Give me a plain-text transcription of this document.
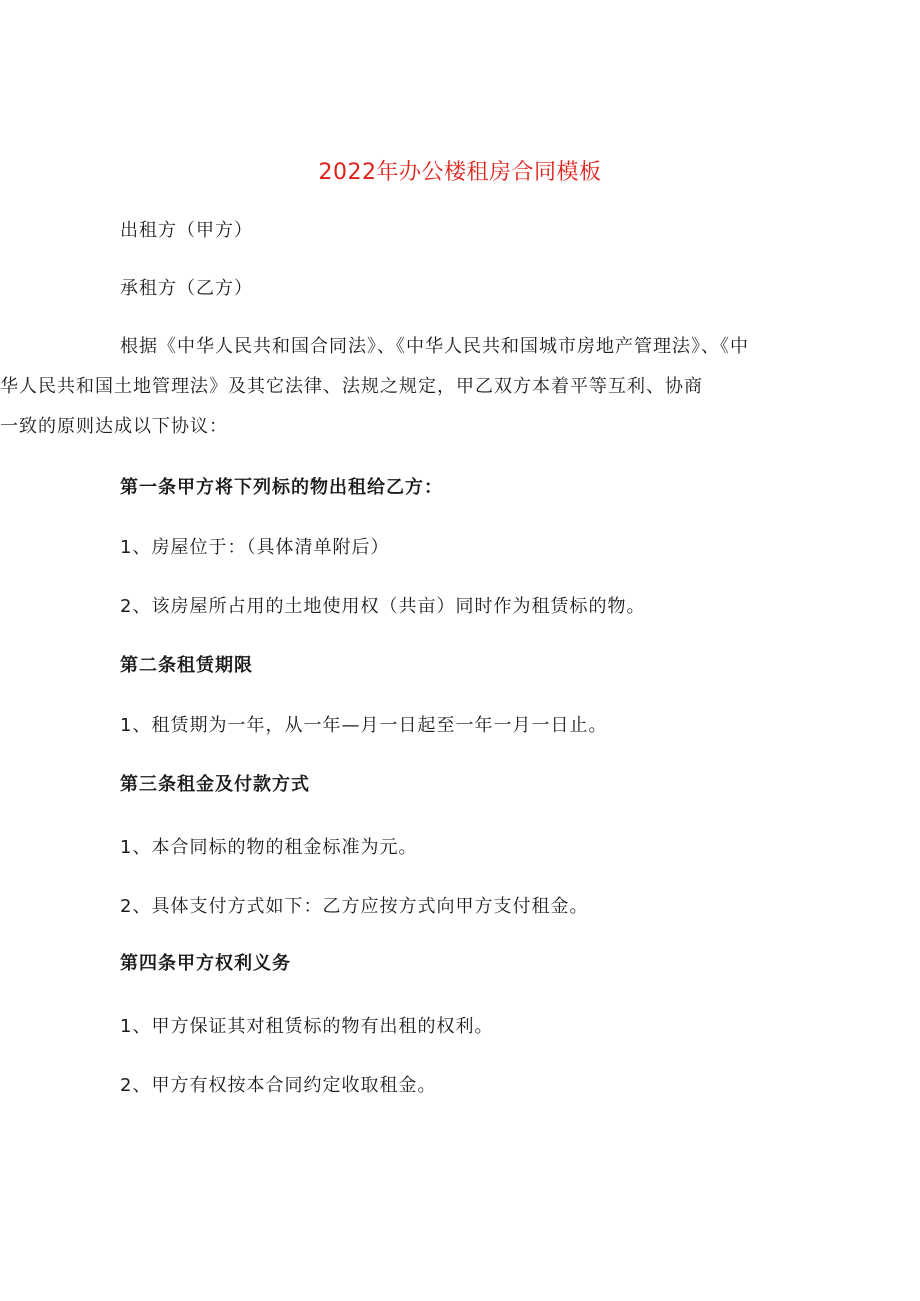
2022年办公楼租房合同模板
出租方（甲方）
承租方（乙方）
根据《中华人民共和国合同法》、《中华人民共和国城市房地产管理法》、《中
华人民共和国土地管理法》及其它法律、法规之规定，甲乙双方本着平等互利、协商
一致的原则达成以下协议：
第一条甲方将下列标的物出租给乙方：
1、房屋位于：（具体清单附后）
2、该房屋所占用的土地使用权（共亩）同时作为租赁标的物。
第二条租赁期限
1、租赁期为一年，从一年—月一日起至一年一月一日止。
第三条租金及付款方式
1、本合同标的物的租金标准为元。
2、具体支付方式如下：乙方应按方式向甲方支付租金。
第四条甲方权利义务
1、甲方保证其对租赁标的物有出租的权利。
2、甲方有权按本合同约定收取租金。
